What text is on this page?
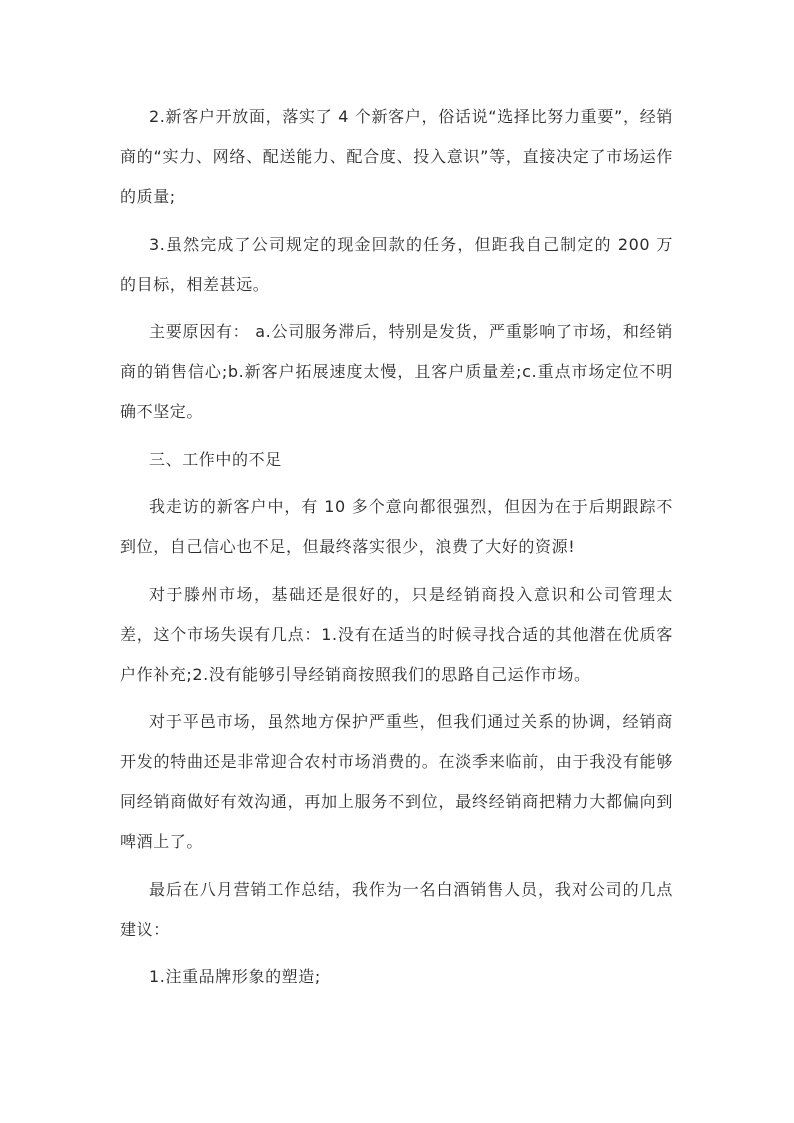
2.新客户开放面，落实了 4 个新客户，俗话说“选择比努力重要”，经销商的“实力、网络、配送能力、配合度、投入意识”等，直接决定了市场运作的质量;

3.虽然完成了公司规定的现金回款的任务，但距我自己制定的 200 万的目标，相差甚远。

主要原因有： a.公司服务滞后，特别是发货，严重影响了市场，和经销商的销售信心;b.新客户拓展速度太慢，且客户质量差;c.重点市场定位不明确不坚定。

三、工作中的不足

我走访的新客户中，有 10 多个意向都很强烈，但因为在于后期跟踪不到位，自己信心也不足，但最终落实很少，浪费了大好的资源!

对于滕州市场，基础还是很好的，只是经销商投入意识和公司管理太差，这个市场失误有几点：1.没有在适当的时候寻找合适的其他潜在优质客户作补充;2.没有能够引导经销商按照我们的思路自己运作市场。

对于平邑市场，虽然地方保护严重些，但我们通过关系的协调，经销商开发的特曲还是非常迎合农村市场消费的。在淡季来临前，由于我没有能够同经销商做好有效沟通，再加上服务不到位，最终经销商把精力大都偏向到啤酒上了。

最后在八月营销工作总结，我作为一名白酒销售人员，我对公司的几点建议：

1.注重品牌形象的塑造;
